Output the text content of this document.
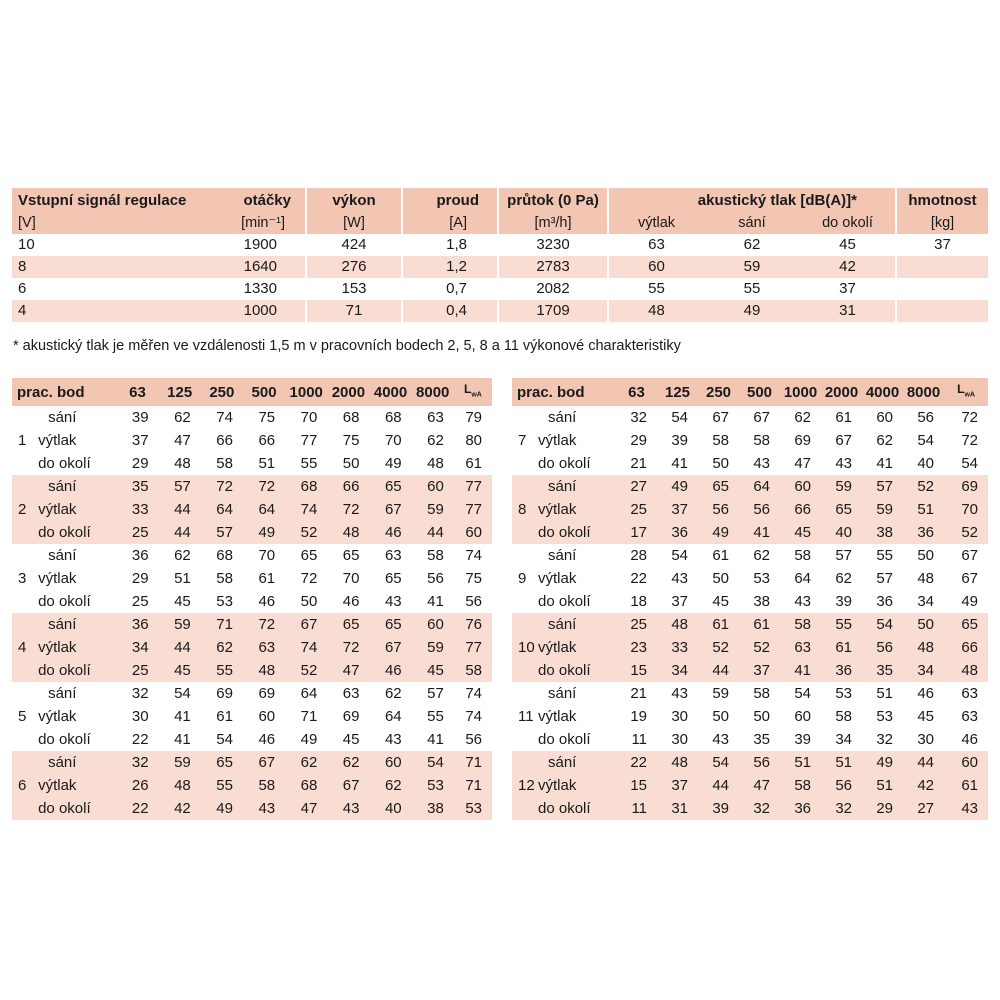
Vstupní signál regulace	otáčky	výkon	proud	průtok (0 Pa)	akustický tlak [dB(A)]*			hmotnost
[V]	[min⁻¹]	[W]	[A]	[m³/h]	výtlak	sání	do okolí	[kg]
10	1900	424	1,8	3230	63	62	45	37
8	1640	276	1,2	2783	60	59	42	
6	1330	153	0,7	2082	55	55	37	
4	1000	71	0,4	1709	48	49	31	
* akustický tlak je měřen ve vzdálenosti 1,5 m v pracovních bodech 2, 5, 8 a 11 výkonové charakteristiky
prac. bod		63	125	250	500	1000	2000	4000	8000	$L_{wA}$
1	sání	39	62	74	75	70	68	68	63	79
	výtlak	37	47	66	66	77	75	70	62	80
	do okolí	29	48	58	51	55	50	49	48	61
2	sání	35	57	72	72	68	66	65	60	77
	výtlak	33	44	64	64	74	72	67	59	77
	do okolí	25	44	57	49	52	48	46	44	60
3	sání	36	62	68	70	65	65	63	58	74
	výtlak	29	51	58	61	72	70	65	56	75
	do okolí	25	45	53	46	50	46	43	41	56
4	sání	36	59	71	72	67	65	65	60	76
	výtlak	34	44	62	63	74	72	67	59	77
	do okolí	25	45	55	48	52	47	46	45	58
5	sání	32	54	69	69	64	63	62	57	74
	výtlak	30	41	61	60	71	69	64	55	74
	do okolí	22	41	54	46	49	45	43	41	56
6	sání	32	59	65	67	62	62	60	54	71
	výtlak	26	48	55	58	68	67	62	53	71
	do okolí	22	42	49	43	47	43	40	38	53
prac. bod		63	125	250	500	1000	2000	4000	8000	$L_{wA}$
7	sání	32	54	67	67	62	61	60	56	72
	výtlak	29	39	58	58	69	67	62	54	72
	do okolí	21	41	50	43	47	43	41	40	54
8	sání	27	49	65	64	60	59	57	52	69
	výtlak	25	37	56	56	66	65	59	51	70
	do okolí	17	36	49	41	45	40	38	36	52
9	sání	28	54	61	62	58	57	55	50	67
	výtlak	22	43	50	53	64	62	57	48	67
	do okolí	18	37	45	38	43	39	36	34	49
10	sání	25	48	61	61	58	55	54	50	65
	výtlak	23	33	52	52	63	61	56	48	66
	do okolí	15	34	44	37	41	36	35	34	48
11	sání	21	43	59	58	54	53	51	46	63
	výtlak	19	30	50	50	60	58	53	45	63
	do okolí	11	30	43	35	39	34	32	30	46
12	sání	22	48	54	56	51	51	49	44	60
	výtlak	15	37	44	47	58	56	51	42	61
	do okolí	11	31	39	32	36	32	29	27	43
